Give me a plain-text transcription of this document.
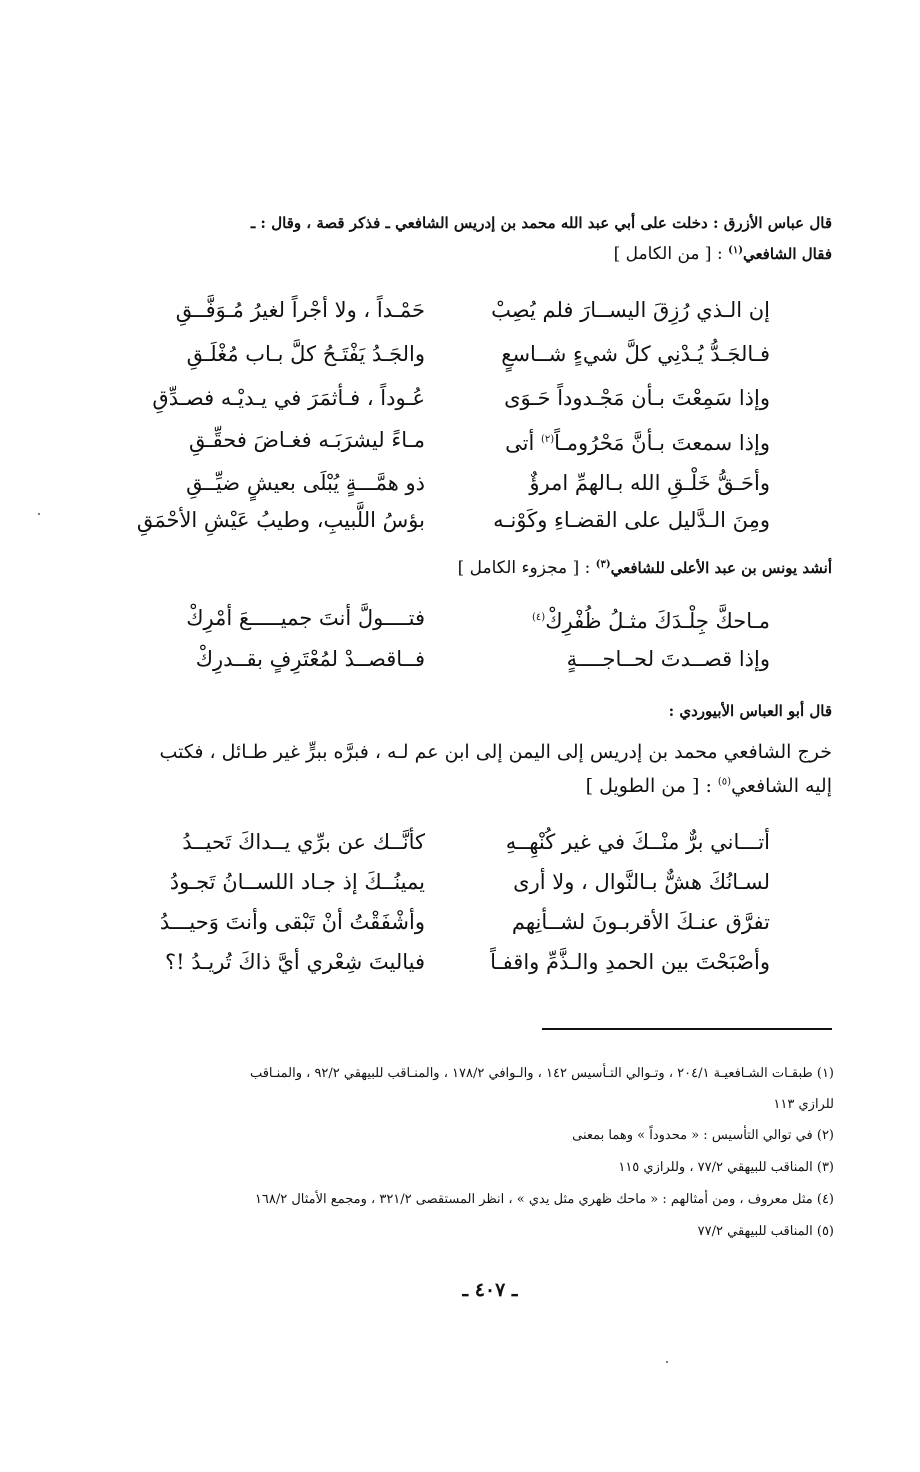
قال عباس الأزرق : دخلت على أبي عبد الله محمد بن إدريس الشافعي ـ فذكر قصة ، وقال : ـ
فقال الشافعي$^{(١)}$ : [ من الكامل ]
إن الـذي رُزِقَ اليســارَ فلم يُصِبْ
حَمْـداً ، ولا أجْراً لغيرُ مُـوَفَّــقِ
فـالجَـدُّ يُـدْنِي كلَّ شيءٍ شــاسعٍ
والجَـدُ يَفْتَـحُ كلَّ بـاب مُغْلَـقِ
وإذا سَمِعْتَ بـأن مَجْـدوداً حَـوَى
عُـوداً ، فـأثمَرَ في يـديْـه فصـدِّقِ
وإذا سمعتَ بـأنَّ مَحْرُومـاً$^{(٢)}$ أتى
مـاءً ليشرَبَـه فغـاضَ فحقِّـقِ
وأحَـقُّ خَلْـقِ الله بـالهمِّ امرؤٌ
ذو همَّـــةٍ يُبْلَى بعيشٍ ضيِّــقِ
ومِنَ الـدَّليل على القضـاءِ وكَوْنـه
بؤسُ اللَّبيبِ، وطيبُ عَيْشِ الأحْمَقِ
أنشد يونس بن عبد الأعلى للشافعي$^{(٣)}$ : [ مجزوء الكامل ]
مـاحكَّ جِلْـدَكَ مثـلُ ظُفْرِكْ$^{(٤)}$
فتــــولَّ أنتَ جميـــــعَ أمْرِكْ
وإذا قصــدتَ لحــاجــــةٍ
فــاقصــدْ لمُعْتَرِفٍ بقــدرِكْ
قال أبو العباس الأبيوردي :
خرج الشافعي محمد بن إدريس إلى اليمن إلى ابن عم لـه ، فبرَّه ببرٍّ غير طـائل ، فكتب
إليه الشافعي$^{(٥)}$ : [ من الطويل ]
أتـــاني برٌّ منْــكَ في غير كُنْهِــهِ
كأنَّــك عن برِّي يــداكَ تَحيــدُ
لسـانُكَ هشٌّ بـالنَّوال ، ولا أرى
يمينُــكَ إذ جـاد اللســانُ تَجـودُ
تفرَّق عنـكَ الأقربـونَ لشــأنِهم
وأشْفَقْتُ أنْ تَبْقى وأنتَ وَحيـــدُ
وأصْبَحْتَ بين الحمدِ والـذَّمِّ واقفـاً
فياليتَ شِعْري أيَّ ذاكَ تُريـدُ !؟
(١) طبقـات الشـافعيـة ٢٠٤/١ ، وتـوالي التـأسيس ١٤٢ ، والـوافي ١٧٨/٢ ، والمنـاقب للبيهقي ٩٢/٢ ، والمنـاقب
للرازي ١١٣
(٢) في توالي التأسيس : « محدوداً » وهما بمعنى
(٣) المناقب للبيهقي ٧٧/٢ ، وللرازي ١١٥
(٤) مثل معروف ، ومن أمثالهم : « ماحك ظهري مثل يدي » ، انظر المستقصى ٣٢١/٢ ، ومجمع الأمثال ١٦٨/٢
(٥) المناقب للبيهقي ٧٧/٢
ـ ٤٠٧ ـ
